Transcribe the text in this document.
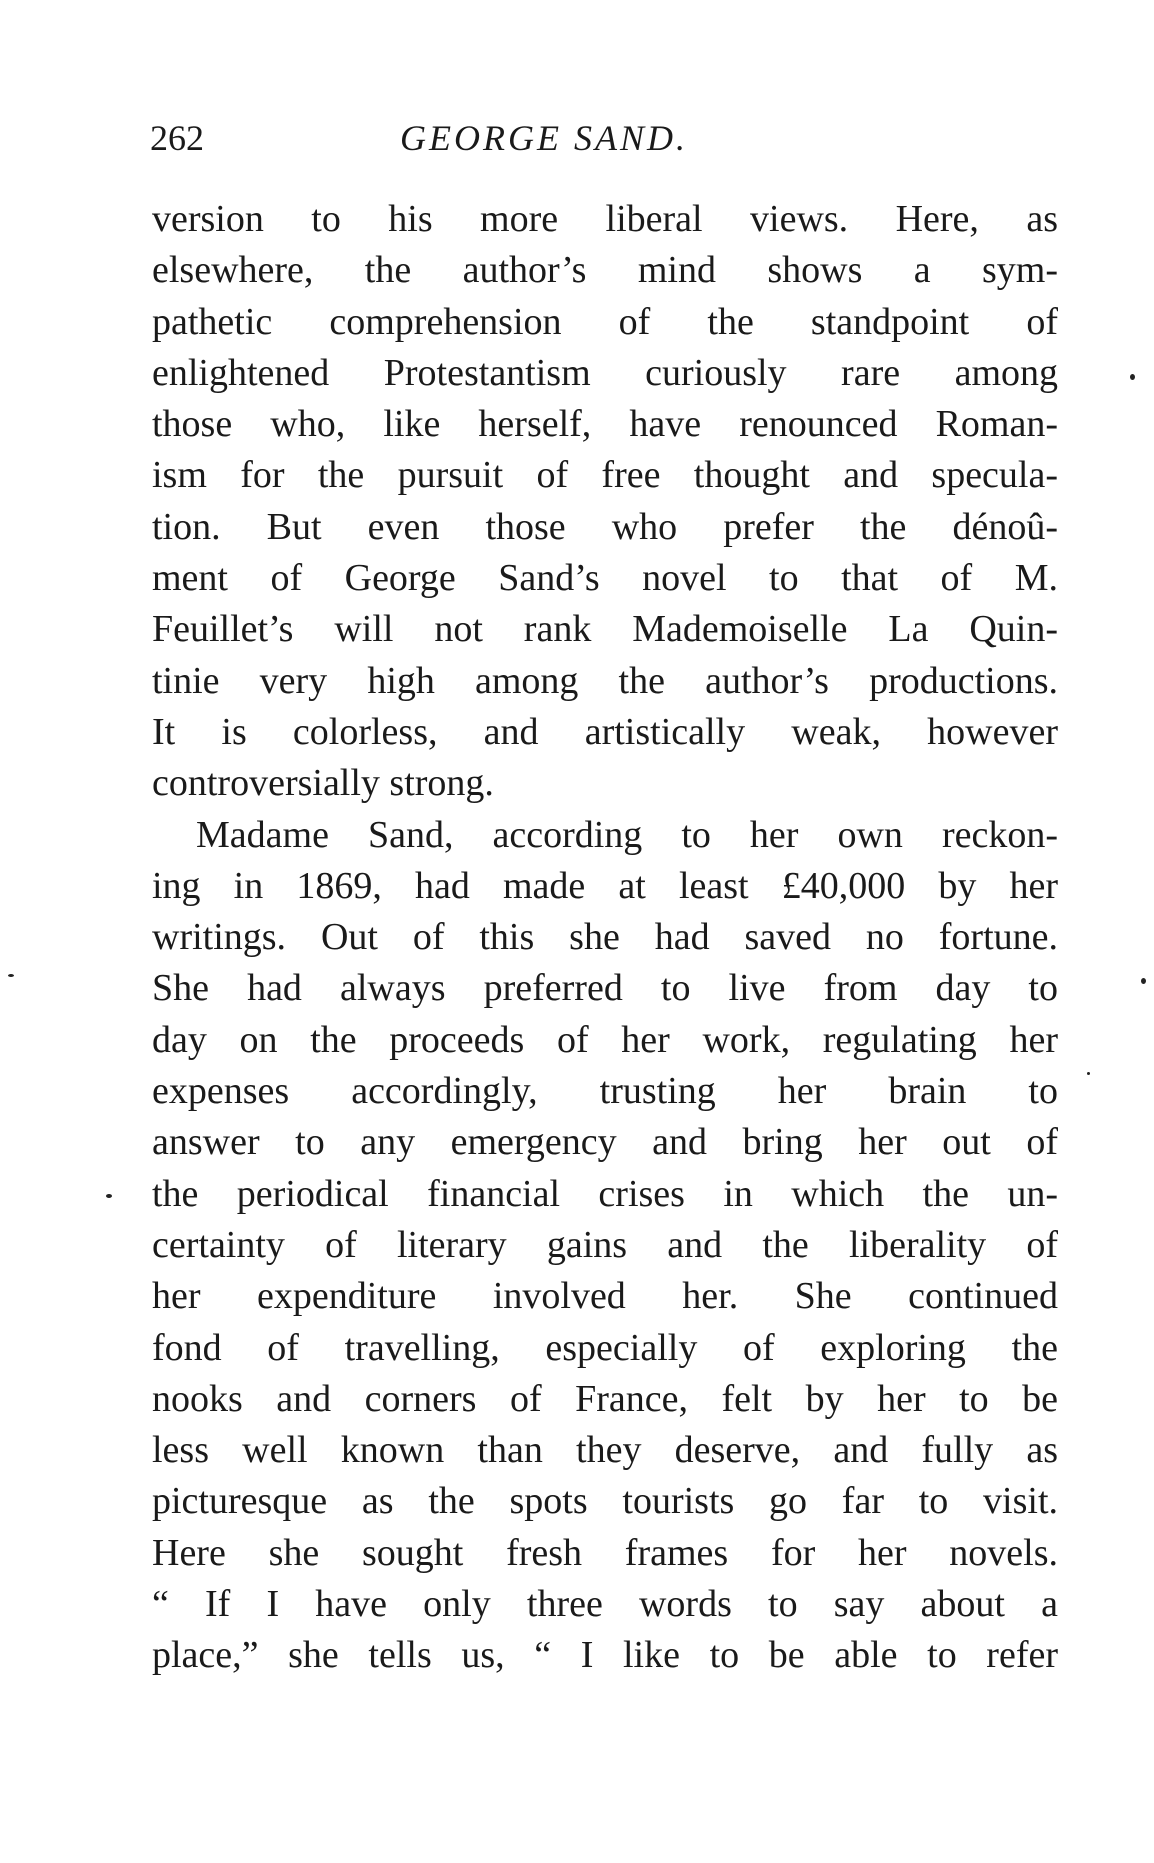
262	GEORGE SAND.
version to his more liberal views. Here, as
elsewhere, the author’s mind shows a sym-
pathetic comprehension of the standpoint of
enlightened Protestantism curiously rare among
those who, like herself, have renounced Roman-
ism for the pursuit of free thought and specula-
tion. But even those who prefer the dénoû-
ment of George Sand’s novel to that of M.
Feuillet’s will not rank Mademoiselle La Quin-
tinie very high among the author’s productions.
It is colorless, and artistically weak, however
controversially strong.
Madame Sand, according to her own reckon-
ing in 1869, had made at least £40,000 by her
writings. Out of this she had saved no fortune.
She had always preferred to live from day to
day on the proceeds of her work, regulating her
expenses accordingly, trusting her brain to
answer to any emergency and bring her out of
the periodical financial crises in which the un-
certainty of literary gains and the liberality of
her expenditure involved her. She continued
fond of travelling, especially of exploring the
nooks and corners of France, felt by her to be
less well known than they deserve, and fully as
picturesque as the spots tourists go far to visit.
Here she sought fresh frames for her novels.
“ If I have only three words to say about a
place,” she tells us, “ I like to be able to refer
